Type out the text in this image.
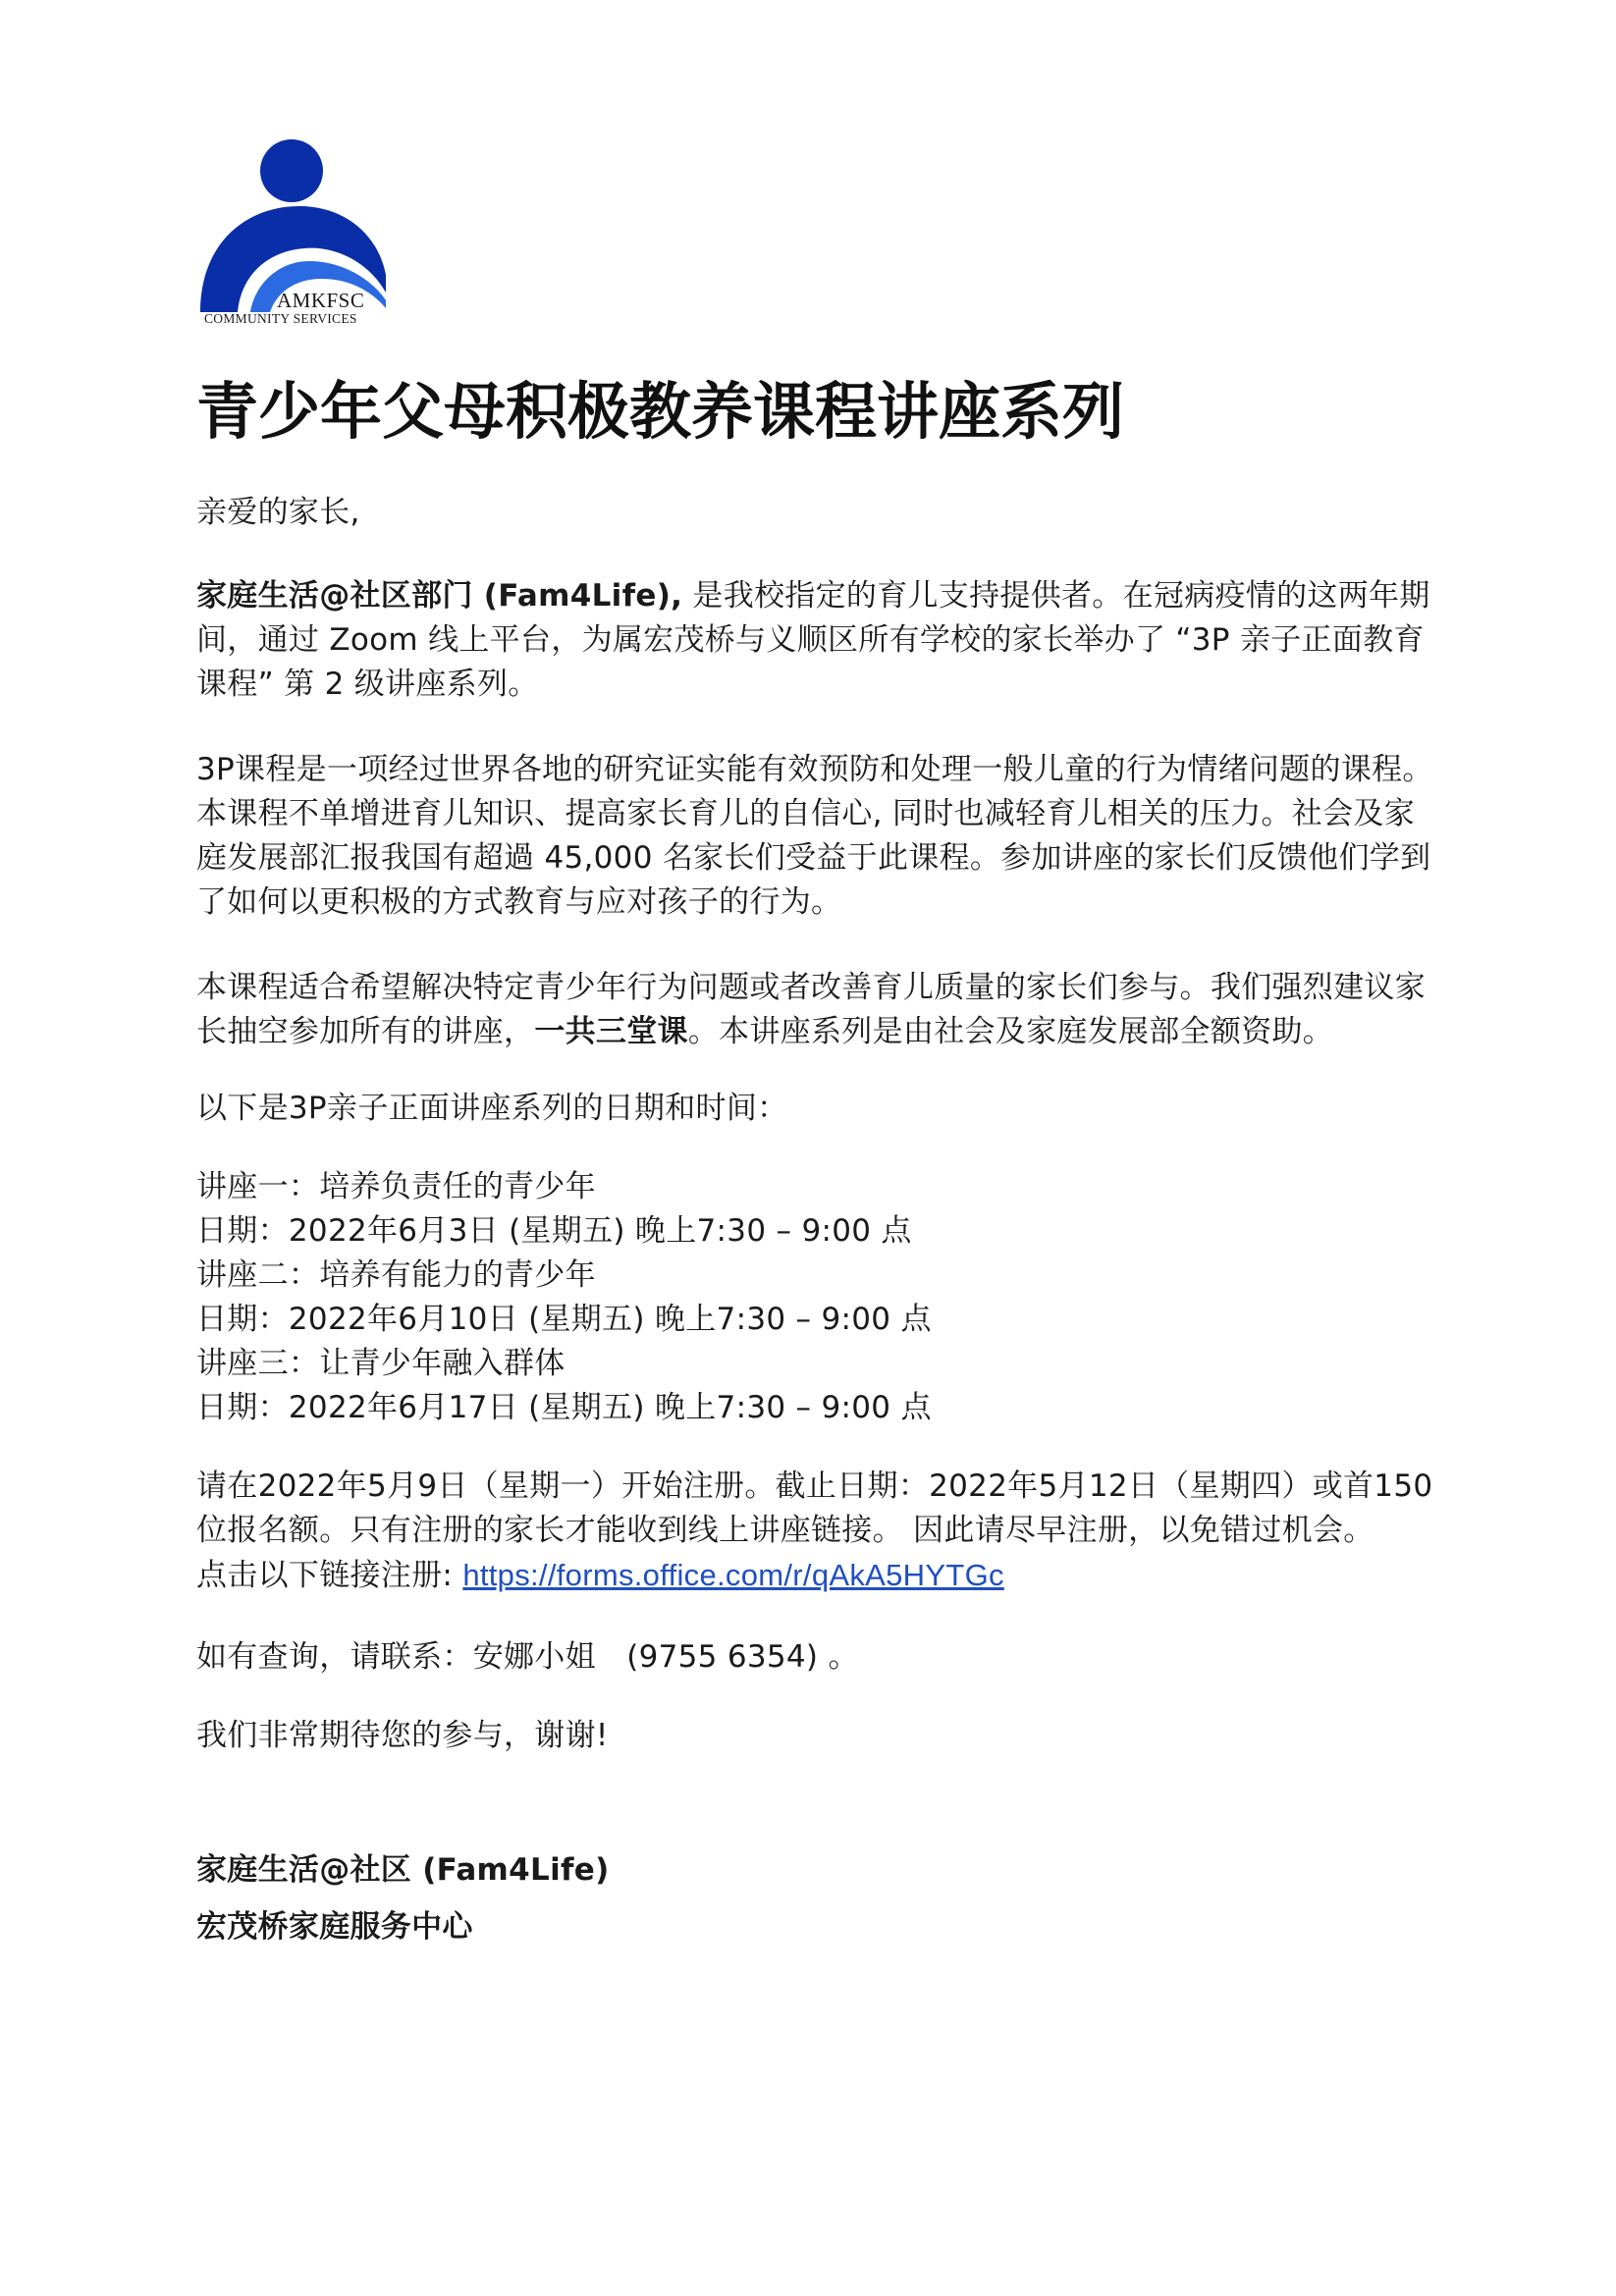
AMKFSC
COMMUNITY SERVICES
青少年父母积极教养课程讲座系列

亲爱的家长,

家庭生活@社区部门 (Fam4Life), 是我校指定的育儿支持提供者。在冠病疫情的这两年期间，通过 Zoom 线上平台，为属宏茂桥与义顺区所有学校的家长举办了 “3P 亲子正面教育课程” 第 2 级讲座系列。

3P课程是一项经过世界各地的研究证实能有效预防和处理一般儿童的行为情绪问题的课程。本课程不单增进育儿知识、提高家长育儿的自信心, 同时也减轻育儿相关的压力。社会及家庭发展部汇报我国有超過 45,000 名家长们受益于此课程。参加讲座的家长们反馈他们学到了如何以更积极的方式教育与应对孩子的行为。

本课程适合希望解决特定青少年行为问题或者改善育儿质量的家长们参与。我们强烈建议家长抽空参加所有的讲座，一共三堂课。本讲座系列是由社会及家庭发展部全额资助。

以下是3P亲子正面讲座系列的日期和时间：

讲座一：培养负责任的青少年

日期：2022年6月3日 (星期五) 晚上7:30 – 9:00 点

讲座二：培养有能力的青少年

日期：2022年6月10日 (星期五) 晚上7:30 – 9:00 点

讲座三：让青少年融入群体

日期：2022年6月17日 (星期五) 晚上7:30 – 9:00 点

请在2022年5月9日（星期一）开始注册。截止日期：2022年5月12日（星期四）或首150位报名额。只有注册的家长才能收到线上讲座链接。 因此请尽早注册，以免错过机会。
点击以下链接注册: https://forms.office.com/r/qAkA5HYTGc

如有查询，请联系：安娜小姐　(9755 6354) 。

我们非常期待您的参与，谢谢!

家庭生活@社区 (Fam4Life)

宏茂桥家庭服务中心
